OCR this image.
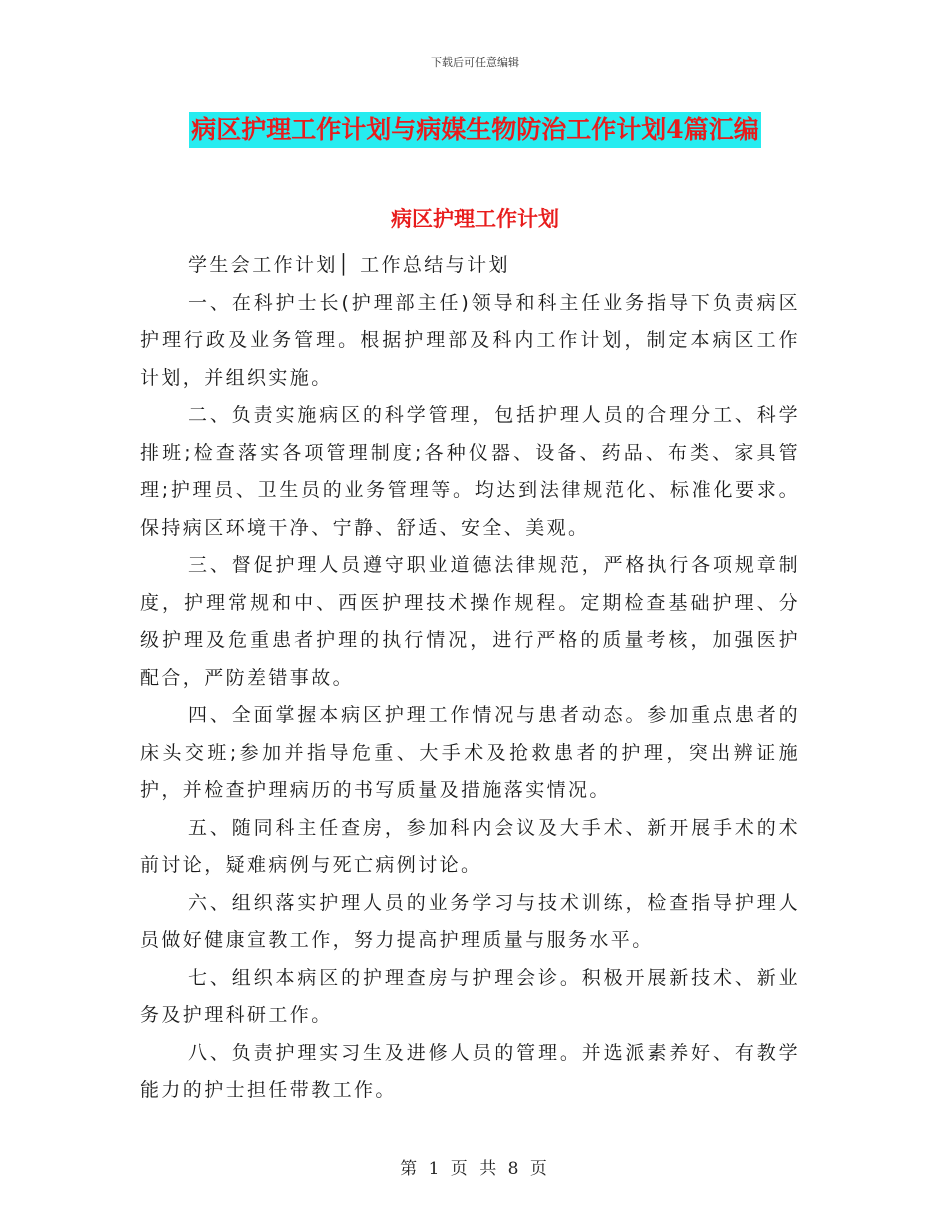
下载后可任意编辑
病区护理工作计划与病媒生物防治工作计划4篇汇编
病区护理工作计划

学生会工作计划│ 工作总结与计划

一、在科护士长(护理部主任)领导和科主任业务指导下负责病区护理行政及业务管理。根据护理部及科内工作计划，制定本病区工作计划，并组织实施。

二、负责实施病区的科学管理，包括护理人员的合理分工、科学排班;检查落实各项管理制度;各种仪器、设备、药品、布类、家具管理;护理员、卫生员的业务管理等。均达到法律规范化、标准化要求。保持病区环境干净、宁静、舒适、安全、美观。

三、督促护理人员遵守职业道德法律规范，严格执行各项规章制度，护理常规和中、西医护理技术操作规程。定期检查基础护理、分级护理及危重患者护理的执行情况，进行严格的质量考核，加强医护配合，严防差错事故。

四、全面掌握本病区护理工作情况与患者动态。参加重点患者的床头交班;参加并指导危重、大手术及抢救患者的护理，突出辨证施护，并检查护理病历的书写质量及措施落实情况。

五、随同科主任查房，参加科内会议及大手术、新开展手术的术前讨论，疑难病例与死亡病例讨论。

六、组织落实护理人员的业务学习与技术训练，检查指导护理人员做好健康宣教工作，努力提高护理质量与服务水平。

七、组织本病区的护理查房与护理会诊。积极开展新技术、新业务及护理科研工作。

八、负责护理实习生及进修人员的管理。并选派素养好、有教学能力的护士担任带教工作。

第 1 页 共 8 页
